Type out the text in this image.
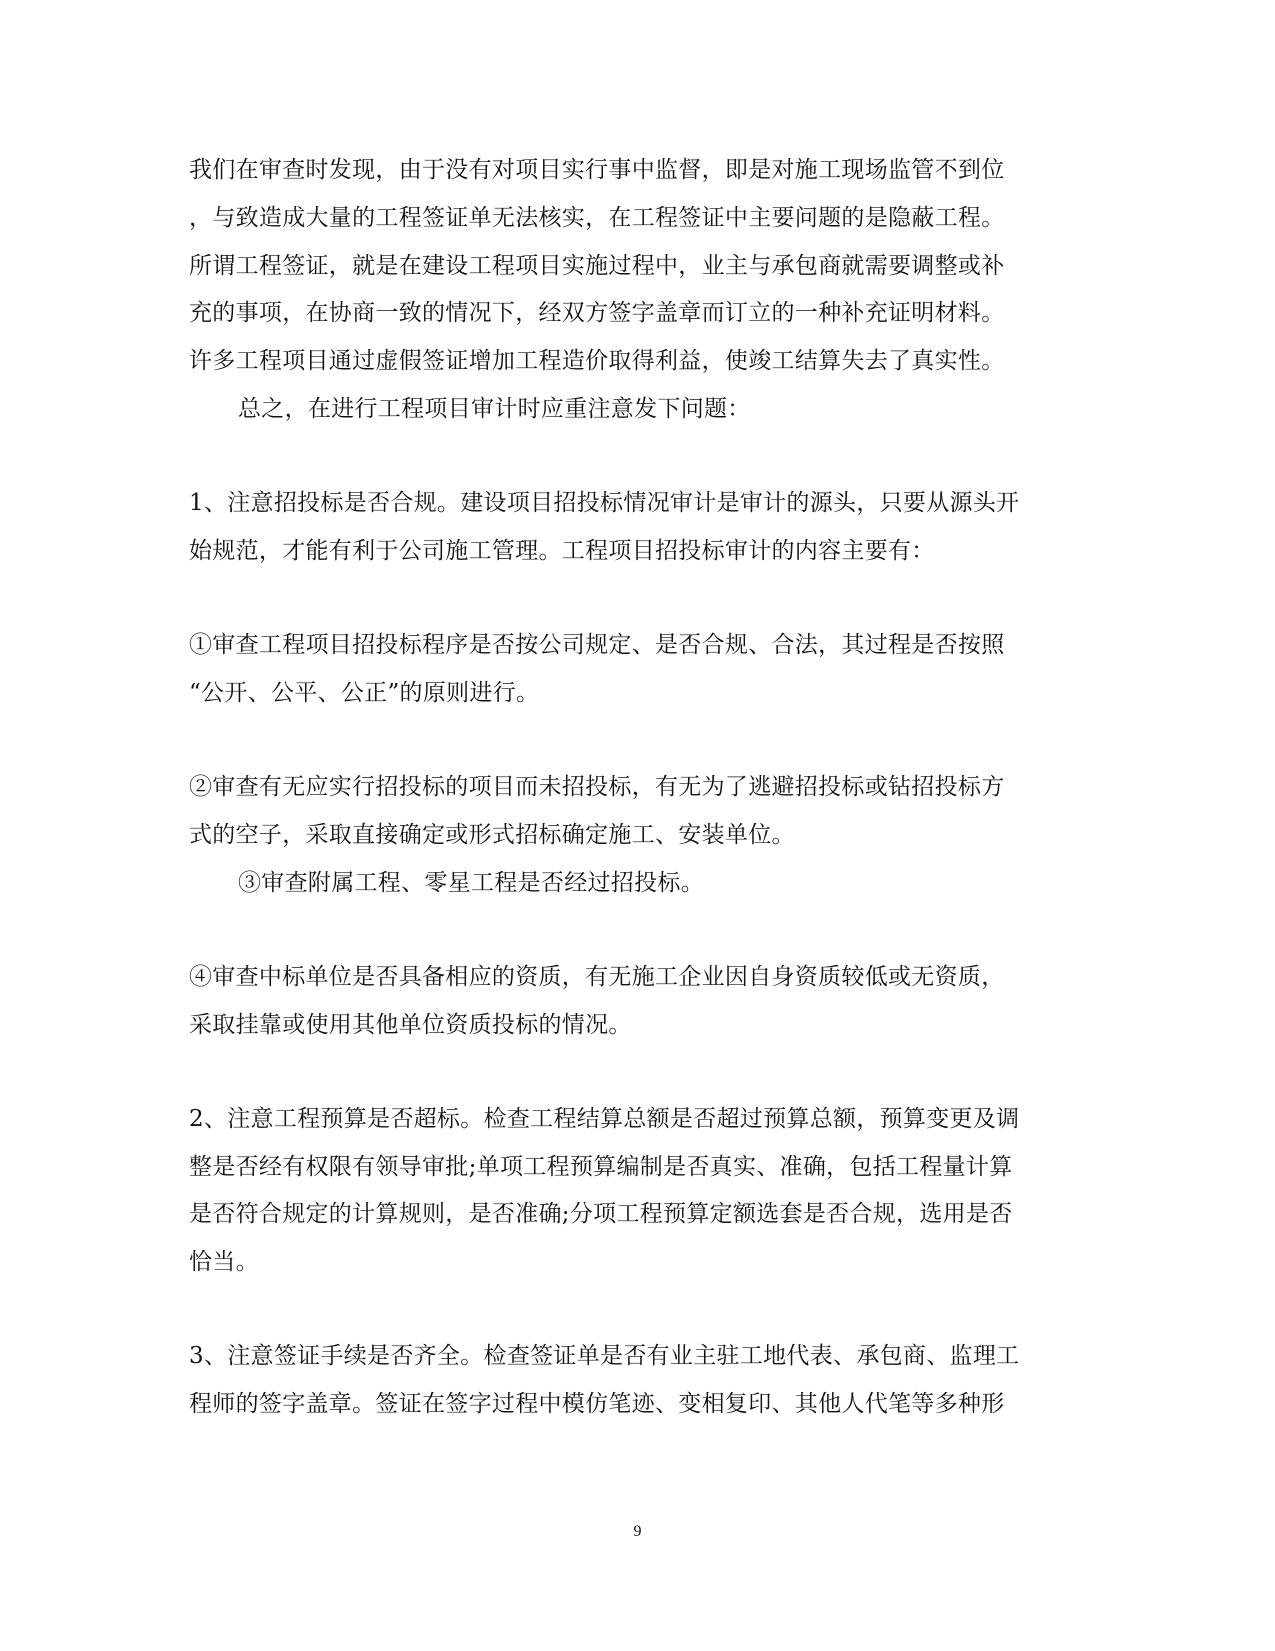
我们在审查时发现，由于没有对项目实行事中监督，即是对施工现场监管不到位
，与致造成大量的工程签证单无法核实，在工程签证中主要问题的是隐蔽工程。
所谓工程签证，就是在建设工程项目实施过程中，业主与承包商就需要调整或补
充的事项，在协商一致的情况下，经双方签字盖章而订立的一种补充证明材料。
许多工程项目通过虚假签证增加工程造价取得利益，使竣工结算失去了真实性。
总之，在进行工程项目审计时应重注意发下问题：
1、注意招投标是否合规。建设项目招投标情况审计是审计的源头，只要从源头开
始规范，才能有利于公司施工管理。工程项目招投标审计的内容主要有：
①审查工程项目招投标程序是否按公司规定、是否合规、合法，其过程是否按照
“公开、公平、公正”的原则进行。
②审查有无应实行招投标的项目而未招投标，有无为了逃避招投标或钻招投标方
式的空子，采取直接确定或形式招标确定施工、安装单位。
③审查附属工程、零星工程是否经过招投标。
④审查中标单位是否具备相应的资质，有无施工企业因自身资质较低或无资质，
采取挂靠或使用其他单位资质投标的情况。
2、注意工程预算是否超标。检查工程结算总额是否超过预算总额，预算变更及调
整是否经有权限有领导审批;单项工程预算编制是否真实、准确，包括工程量计算
是否符合规定的计算规则，是否准确;分项工程预算定额选套是否合规，选用是否
恰当。
3、注意签证手续是否齐全。检查签证单是否有业主驻工地代表、承包商、监理工
程师的签字盖章。签证在签字过程中模仿笔迹、变相复印、其他人代笔等多种形
9
